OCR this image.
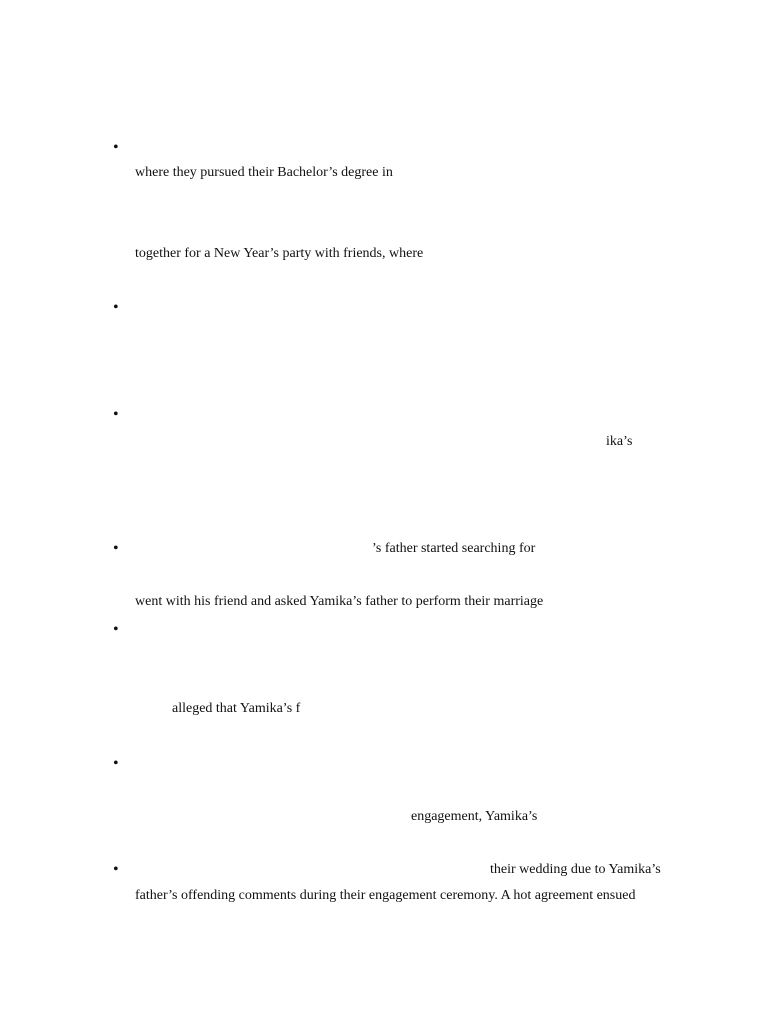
•
where they pursued their Bachelor’s degree in
together for a New Year’s party with friends, where
•
•
ika’s
•
’s father started searching for
went with his friend and asked Yamika’s father to perform their marriage
•
alleged that Yamika’s f
•
engagement, Yamika’s
•
their wedding due to Yamika’s
father’s offending comments during their engagement ceremony. A hot agreement ensued
